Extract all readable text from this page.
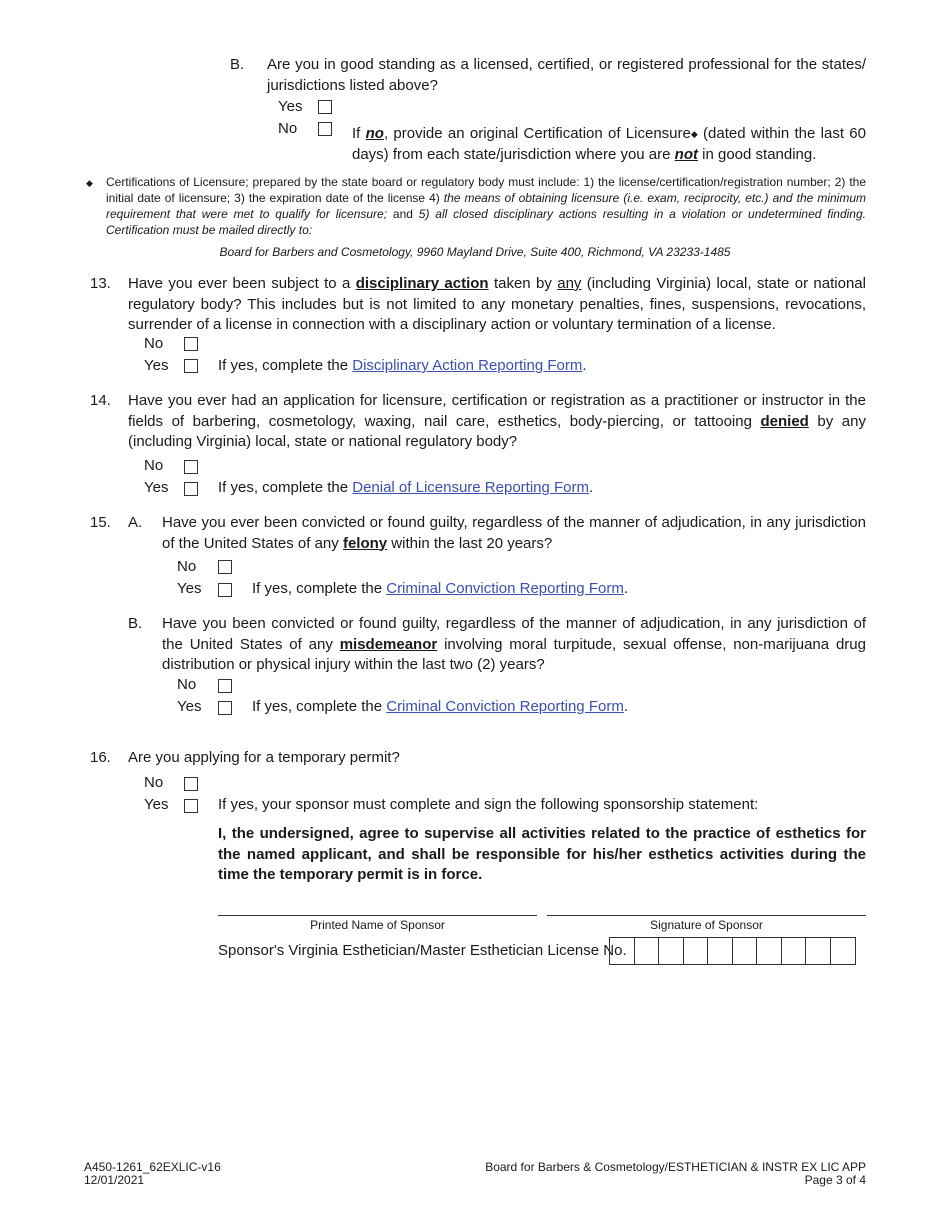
B. Are you in good standing as a licensed, certified, or registered professional for the states/ jurisdictions listed above?
Yes
No	If no, provide an original Certification of Licensure◆ (dated within the last 60 days) from each state/jurisdiction where you are not in good standing.
◆ Certifications of Licensure; prepared by the state board or regulatory body must include: 1) the license/certification/registration number; 2) the initial date of licensure; 3) the expiration date of the license 4) the means of obtaining licensure (i.e. exam, reciprocity, etc.) and the minimum requirement that were met to qualify for licensure; and 5) all closed disciplinary actions resulting in a violation or undetermined finding. Certification must be mailed directly to:
Board for Barbers and Cosmetology, 9960 Mayland Drive, Suite 400, Richmond, VA 23233-1485
13. Have you ever been subject to a disciplinary action taken by any (including Virginia) local, state or national regulatory body? This includes but is not limited to any monetary penalties, fines, suspensions, revocations, surrender of a license in connection with a disciplinary action or voluntary termination of a license.
No
Yes	If yes, complete the Disciplinary Action Reporting Form.
14. Have you ever had an application for licensure, certification or registration as a practitioner or instructor in the fields of barbering, cosmetology, waxing, nail care, esthetics, body-piercing, or tattooing denied by any (including Virginia) local, state or national regulatory body?
No
Yes	If yes, complete the Denial of Licensure Reporting Form.
15. A. Have you ever been convicted or found guilty, regardless of the manner of adjudication, in any jurisdiction of the United States of any felony within the last 20 years?
No
Yes	If yes, complete the Criminal Conviction Reporting Form.
B. Have you been convicted or found guilty, regardless of the manner of adjudication, in any jurisdiction of the United States of any misdemeanor involving moral turpitude, sexual offense, non-marijuana drug distribution or physical injury within the last two (2) years?
No
Yes	If yes, complete the Criminal Conviction Reporting Form.
16. Are you applying for a temporary permit?
No
Yes	If yes, your sponsor must complete and sign the following sponsorship statement:
I, the undersigned, agree to supervise all activities related to the practice of esthetics for the named applicant, and shall be responsible for his/her esthetics activities during the time the temporary permit is in force.
Printed Name of Sponsor	Signature of Sponsor
Sponsor's Virginia Esthetician/Master Esthetician License No.
A450-1261_62EXLIC-v16
12/01/2021
Board for Barbers & Cosmetology/ESTHETICIAN & INSTR EX LIC APP
Page 3 of 4
